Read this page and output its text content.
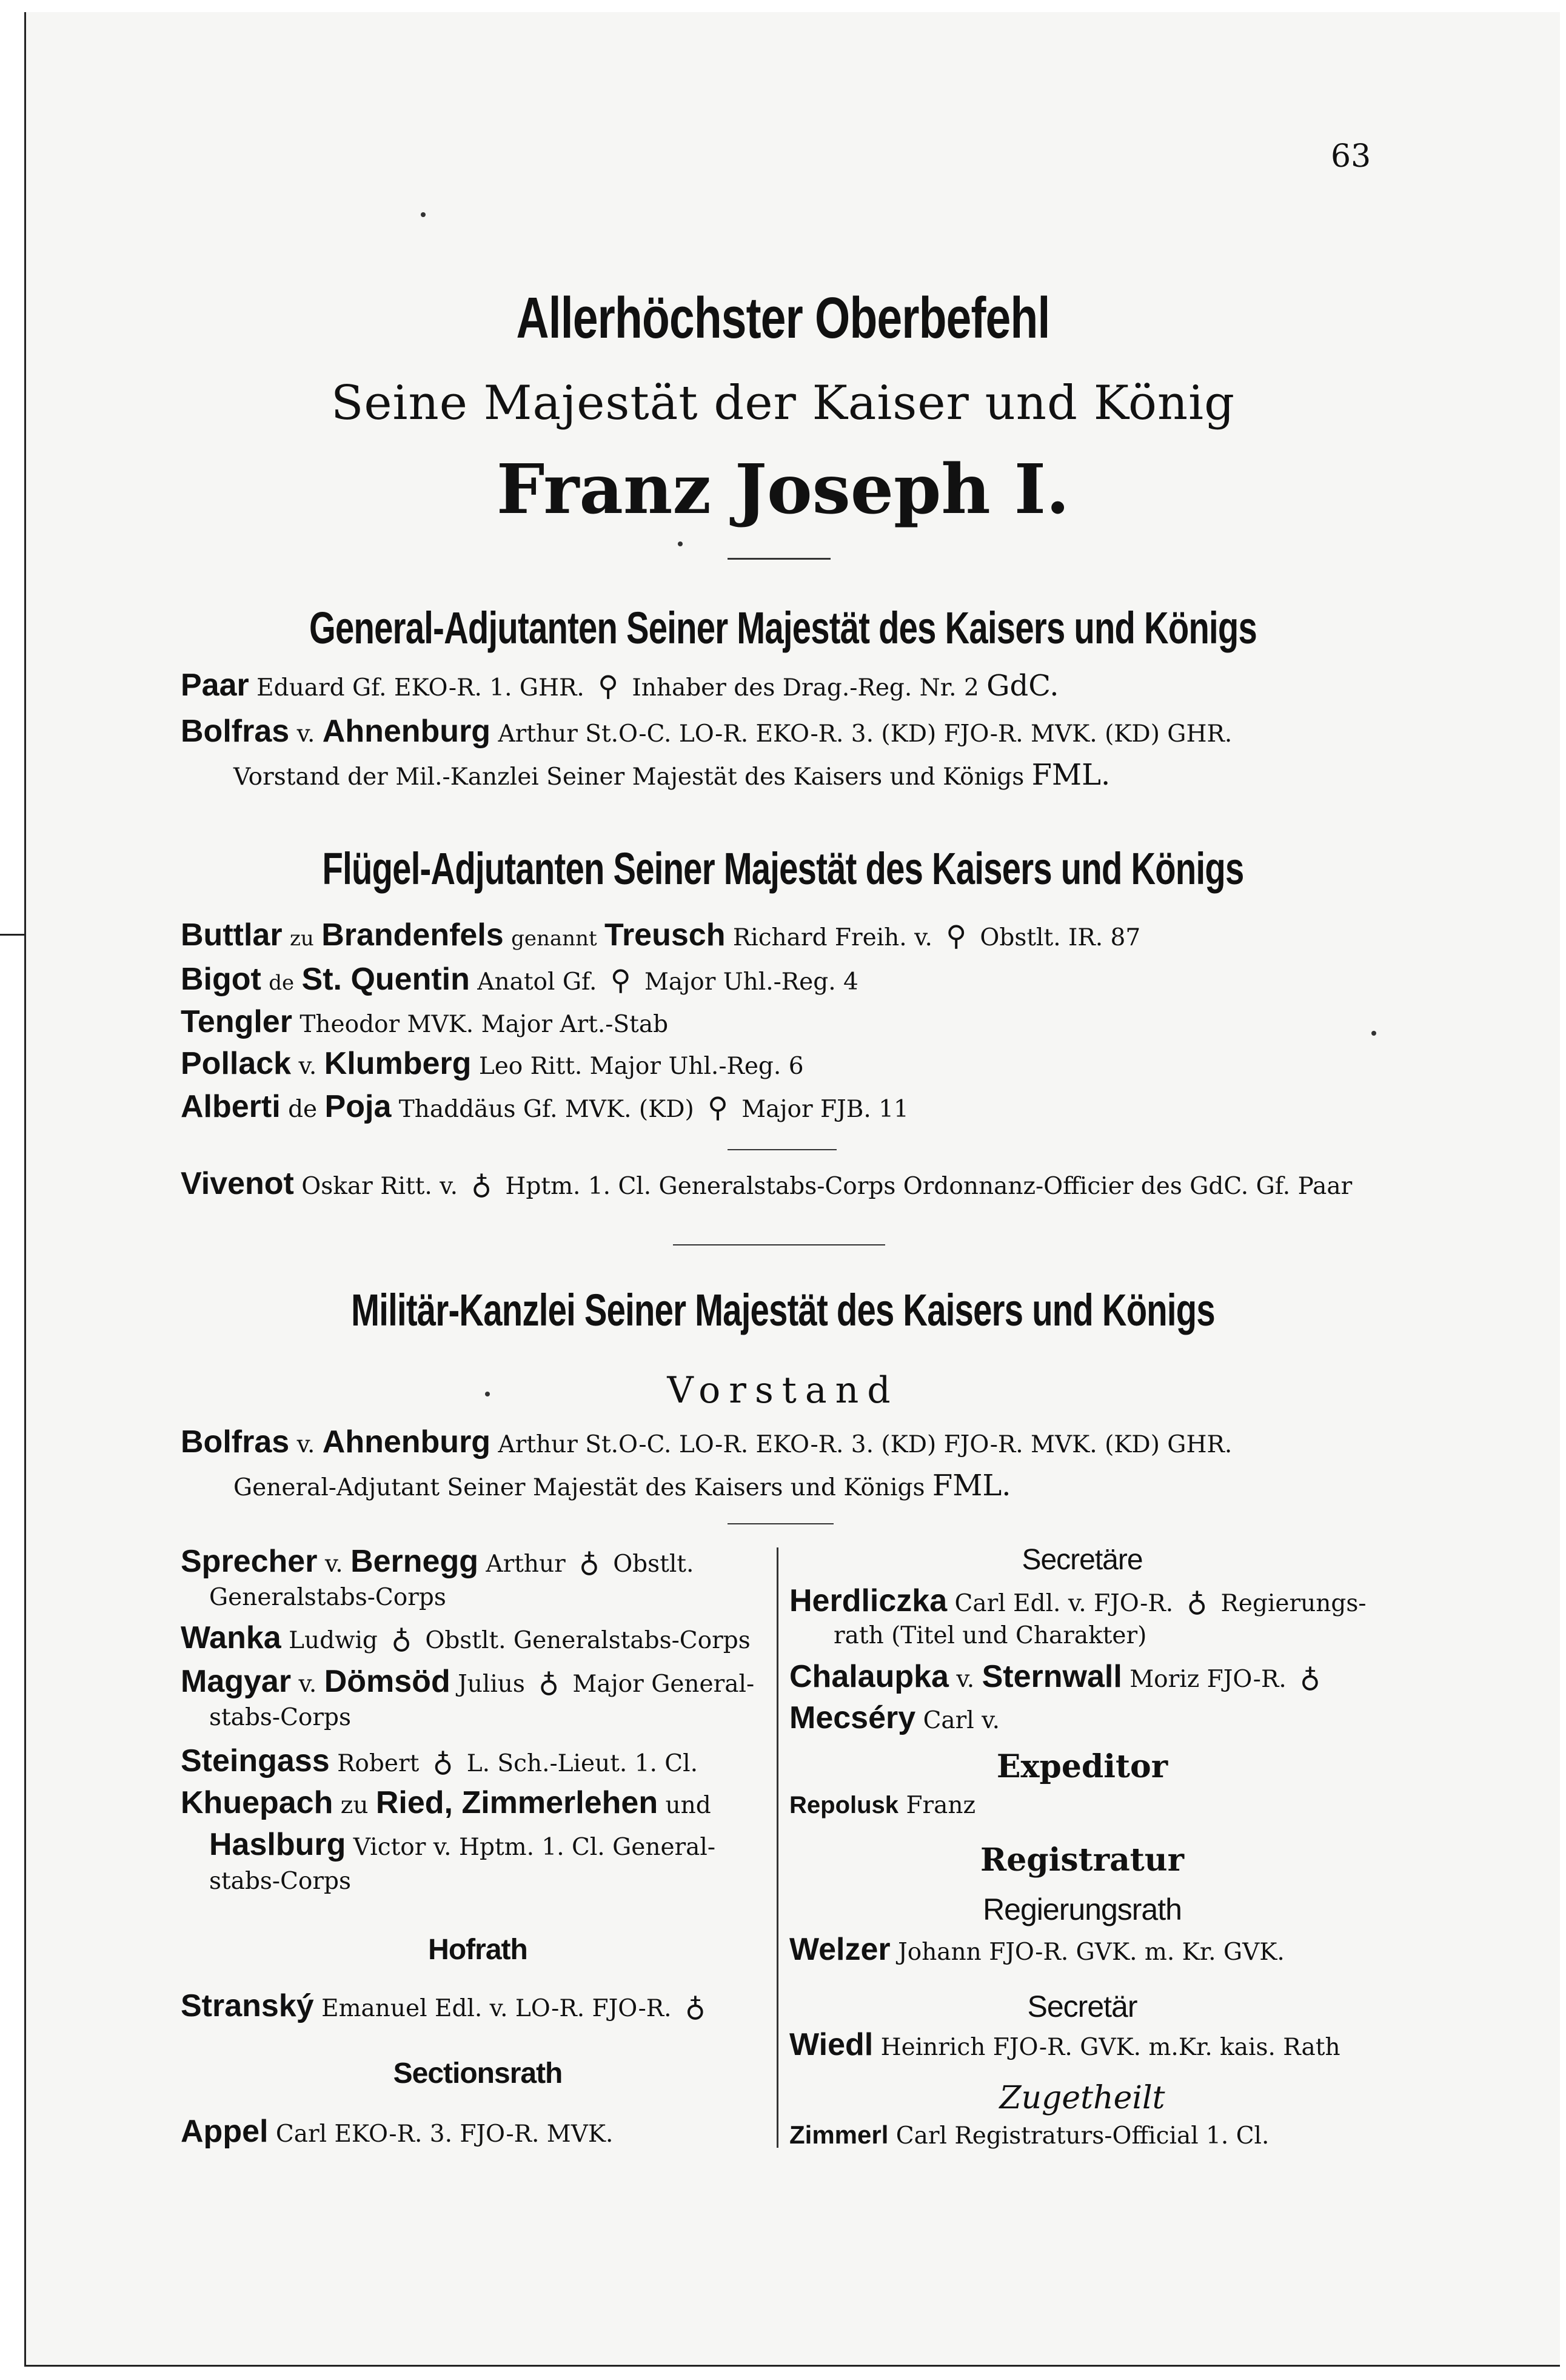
63
Allerhöchster Oberbefehl
Seine Majestät der Kaiser und König
Franz Joseph I.
General-Adjutanten Seiner Majestät des Kaisers und Königs
Paar Eduard Gf. EKO-R. 1. GHR. ⚲ Inhaber des Drag.-Reg. Nr. 2 GdC.
Bolfras v. Ahnenburg Arthur St.O-C. LO-R. EKO-R. 3. (KD) FJO-R. MVK. (KD) GHR.
Vorstand der Mil.-Kanzlei Seiner Majestät des Kaisers und Königs FML.
Flügel-Adjutanten Seiner Majestät des Kaisers und Königs
Buttlar zu Brandenfels genannt Treusch Richard Freih. v. ⚲ Obstlt. IR. 87
Bigot de St. Quentin Anatol Gf. ⚲ Major Uhl.-Reg. 4
Tengler Theodor MVK. Major Art.-Stab
Pollack v. Klumberg Leo Ritt. Major Uhl.-Reg. 6
Alberti de Poja Thaddäus Gf. MVK. (KD) ⚲ Major FJB. 11
Vivenot Oskar Ritt. v. ♁ Hptm. 1. Cl. Generalstabs-Corps Ordonnanz-Officier des GdC. Gf. Paar
Militär-Kanzlei Seiner Majestät des Kaisers und Königs
Vorstand
Bolfras v. Ahnenburg Arthur St.O-C. LO-R. EKO-R. 3. (KD) FJO-R. MVK. (KD) GHR.
General-Adjutant Seiner Majestät des Kaisers und Königs FML.
Sprecher v. Bernegg Arthur ♁ Obstlt.
Generalstabs-Corps
Wanka Ludwig ♁ Obstlt. Generalstabs-Corps
Magyar v. Dömsöd Julius ♁ Major General-
stabs-Corps
Steingass Robert ♁ L. Sch.-Lieut. 1. Cl.
Khuepach zu Ried, Zimmerlehen und
Haslburg Victor v. Hptm. 1. Cl. General-
stabs-Corps
Hofrath
Stranský Emanuel Edl. v. LO-R. FJO-R. ♁
Sectionsrath
Appel Carl EKO-R. 3. FJO-R. MVK.
Secretäre
Herdliczka Carl Edl. v. FJO-R. ♁ Regierungs-
rath (Titel und Charakter)
Chalaupka v. Sternwall Moriz FJO-R. ♁
Mecséry Carl v.
Expeditor
Repolusk Franz
Registratur
Regierungsrath
Welzer Johann FJO-R. GVK. m. Kr. GVK.
Secretär
Wiedl Heinrich FJO-R. GVK. m.Kr. kais. Rath
Zugetheilt
Zimmerl Carl Registraturs-Official 1. Cl.
